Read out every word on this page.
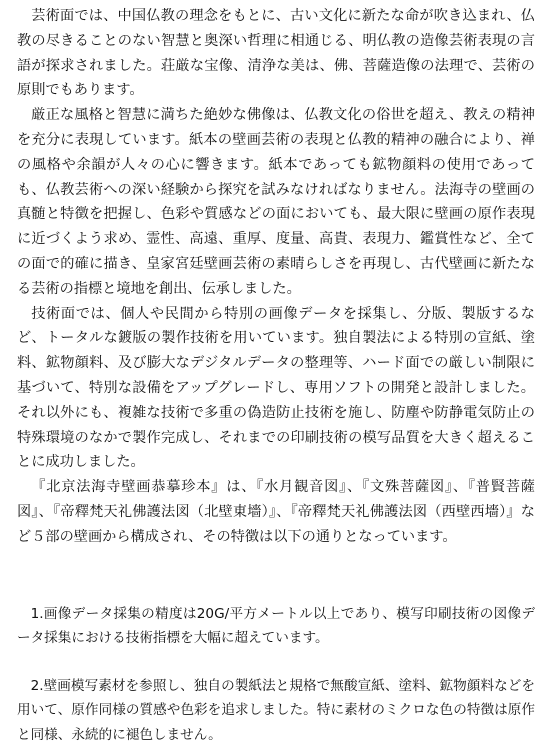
芸術面では、中国仏教の理念をもとに、古い文化に新たな命が吹き込まれ、仏教の尽きることのない智慧と奥深い哲理に相通じる、明仏教の造像芸術表現の言語が探求されました。荘厳な宝像、清浄な美は、佛、菩薩造像の法理で、芸術の原則でもあります。

厳正な風格と智慧に満ちた絶妙な佛像は、仏教文化の俗世を超え、教えの精神を充分に表現しています。紙本の壁画芸術の表現と仏教的精神の融合により、禅の風格や余韻が人々の心に響きます。紙本であっても鉱物顔料の使用であっても、仏教芸術への深い経験から探究を試みなければなりません。法海寺の壁画の真髄と特徴を把握し、色彩や質感などの面においても、最大限に壁画の原作表現に近づくよう求め、霊性、高遠、重厚、度量、高貴、表現力、鑑賞性など、全ての面で的確に描き、皇家宮廷壁画芸術の素晴らしさを再現し、古代壁画に新たなる芸術の指標と境地を創出、伝承しました。

技術面では、個人や民間から特別の画像データを採集し、分版、製版するなど、トータルな鍍版の製作技術を用いています。独自製法による特別の宣紙、塗料、鉱物顔料、及び膨大なデジタルデータの整理等、ハード面での厳しい制限に基づいて、特別な設備をアップグレードし、専用ソフトの開発と設計しました。それ以外にも、複雑な技術で多重の偽造防止技術を施し、防塵や防静電気防止の特殊環境のなかで製作完成し、それまでの印刷技術の模写品質を大きく超えることに成功しました。

『北京法海寺壁画恭摹珍本』は、『水月観音図』、『文殊菩薩図』、『普賢菩薩図』、『帝釋梵天礼佛護法図（北壁東墻）』、『帝釋梵天礼佛護法図（西壁西墻）』など５部の壁画から構成され、その特徴は以下の通りとなっています。

1.画像データ採集の精度は20G/平方メートル以上であり、模写印刷技術の図像データ採集における技術指標を大幅に超えています。

2.壁画模写素材を参照し、独自の製紙法と規格で無酸宣紙、塗料、鉱物顔料などを用いて、原作同様の質感や色彩を追求しました。特に素材のミクロな色の特徴は原作と同様、永続的に褪色しません。
